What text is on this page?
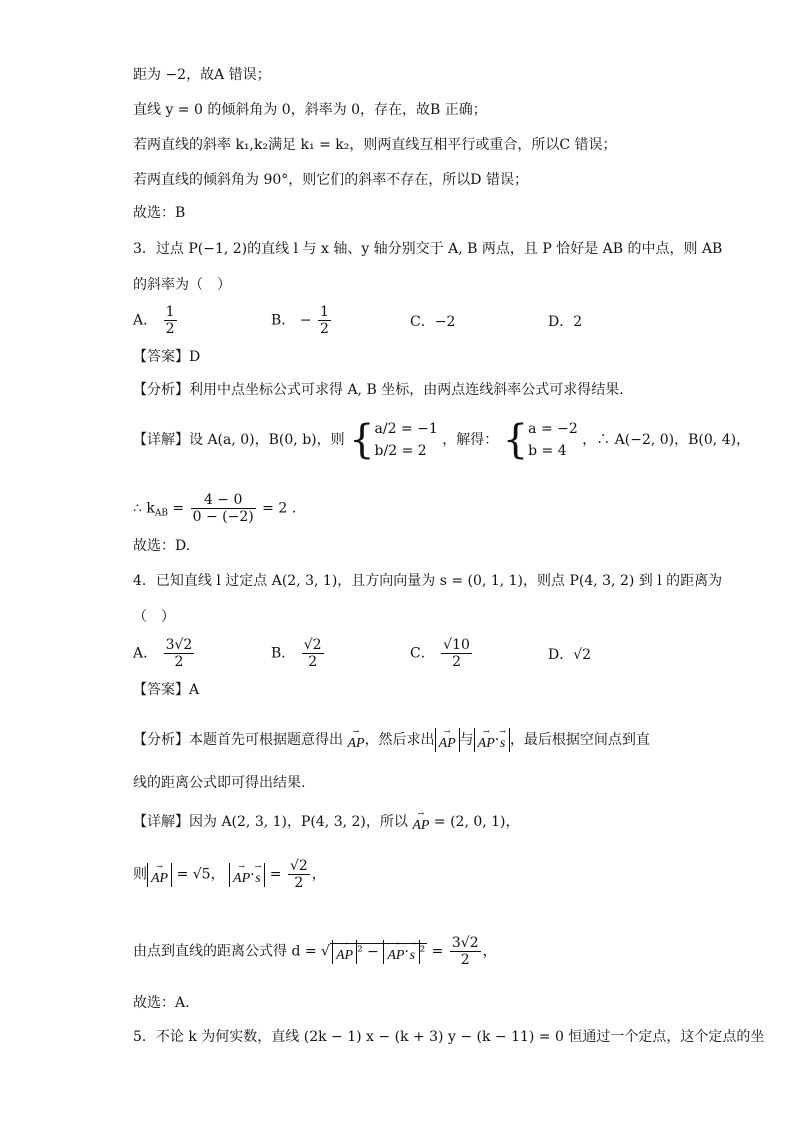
距为 −2，故A 错误；
直线 y = 0 的倾斜角为 0，斜率为 0，存在，故B 正确；
若两直线的斜率 k₁,k₂满足 k₁ = k₂，则两直线互相平行或重合，所以C 错误；
若两直线的倾斜角为 90°，则它们的斜率不存在，所以D 错误；
故选：B
3．过点 P(−1, 2)的直线 l 与 x 轴、y 轴分别交于 A, B 两点，且 P 恰好是 AB 的中点，则 AB
的斜率为（　）
A． $\frac{1}{2}$	B． − $\frac{1}{2}$	C．−2	D．2
【答案】D
【分析】利用中点坐标公式可求得 A, B 坐标，由两点连线斜率公式可求得结果.
【详解】设 A(a, 0)，B(0, b)，则 { a/2 = −1
b/2 = 2
，解得： { a = −2
b = 4
，∴ A(−2, 0)，B(0, 4)，
∴ $k_{AB} = \frac{4 - 0}{0 - (-2)} = 2$ .
故选：D.
4．已知直线 l 过定点 A(2, 3, 1)，且方向向量为 s = (0, 1, 1)，则点 P(4, 3, 2) 到 l 的距离为
（　）
A． $\frac{3√2}{2}$	B． $\frac{√2}{2}$	C． $\frac{√10}{2}$	D．√2
【答案】A
【分析】本题首先可根据题意得出
→
AP ，然后求出
→
AP 与
→
AP ·
→
s ，最后根据空间点到直
线的距离公式即可得出结果.
【详解】因为 A(2, 3, 1)，P(4, 3, 2)，所以
→
AP = (2, 0, 1)，
则
→
AP = √5，
→
AP ·
→
$s = \frac{√2}{2}$ ，
由点到直线的距离公式得 d = √
→
AP ² −
→
AP ·
→
s $^2 = \frac{3√2}{2}$ ，
故选：A.
5．不论 k 为何实数，直线 (2k − 1) x − (k + 3) y − (k − 11) = 0 恒通过一个定点，这个定点的坐
